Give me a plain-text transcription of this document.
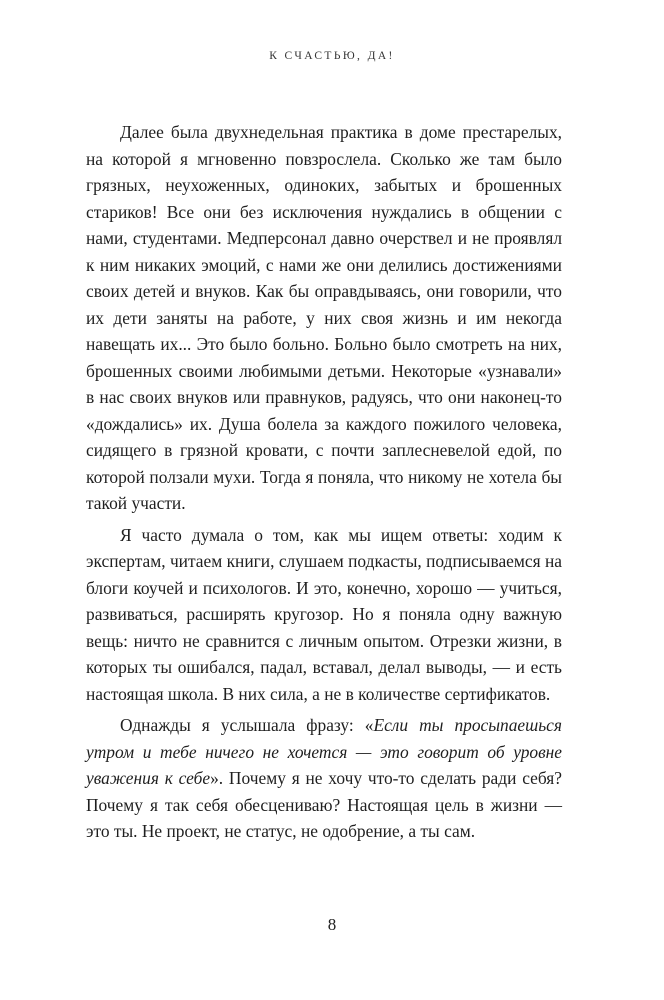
К СЧАСТЬЮ, ДА!

Далее была двухнедельная практика в доме престарелых, на которой я мгновенно повзрослела. Сколько же там было грязных, неухоженных, одиноких, забытых и брошенных стариков! Все они без исключения нуждались в общении с нами, студентами. Медперсонал давно очерствел и не проявлял к ним никаких эмоций, с нами же они делились достижениями своих детей и внуков. Как бы оправдываясь, они говорили, что их дети заняты на работе, у них своя жизнь и им некогда навещать их... Это было больно. Больно было смотреть на них, брошенных своими любимыми детьми. Некоторые «узнавали» в нас своих внуков или правнуков, радуясь, что они наконец-то «дождались» их. Душа болела за каждого пожилого человека, сидящего в грязной кровати, с почти заплесневелой едой, по которой ползали мухи. Тогда я поняла, что никому не хотела бы такой участи.

Я часто думала о том, как мы ищем ответы: ходим к экспертам, читаем книги, слушаем подкасты, подписываемся на блоги коучей и психологов. И это, конечно, хорошо — учиться, развиваться, расширять кругозор. Но я поняла одну важную вещь: ничто не сравнится с личным опытом. Отрезки жизни, в которых ты ошибался, падал, вставал, делал выводы, — и есть настоящая школа. В них сила, а не в количестве сертификатов.

Однажды я услышала фразу: «Если ты просыпаешься утром и тебе ничего не хочется — это говорит об уровне уважения к себе». Почему я не хочу что-то сделать ради себя? Почему я так себя обесцениваю? Настоящая цель в жизни — это ты. Не проект, не статус, не одобрение, а ты сам.

8
